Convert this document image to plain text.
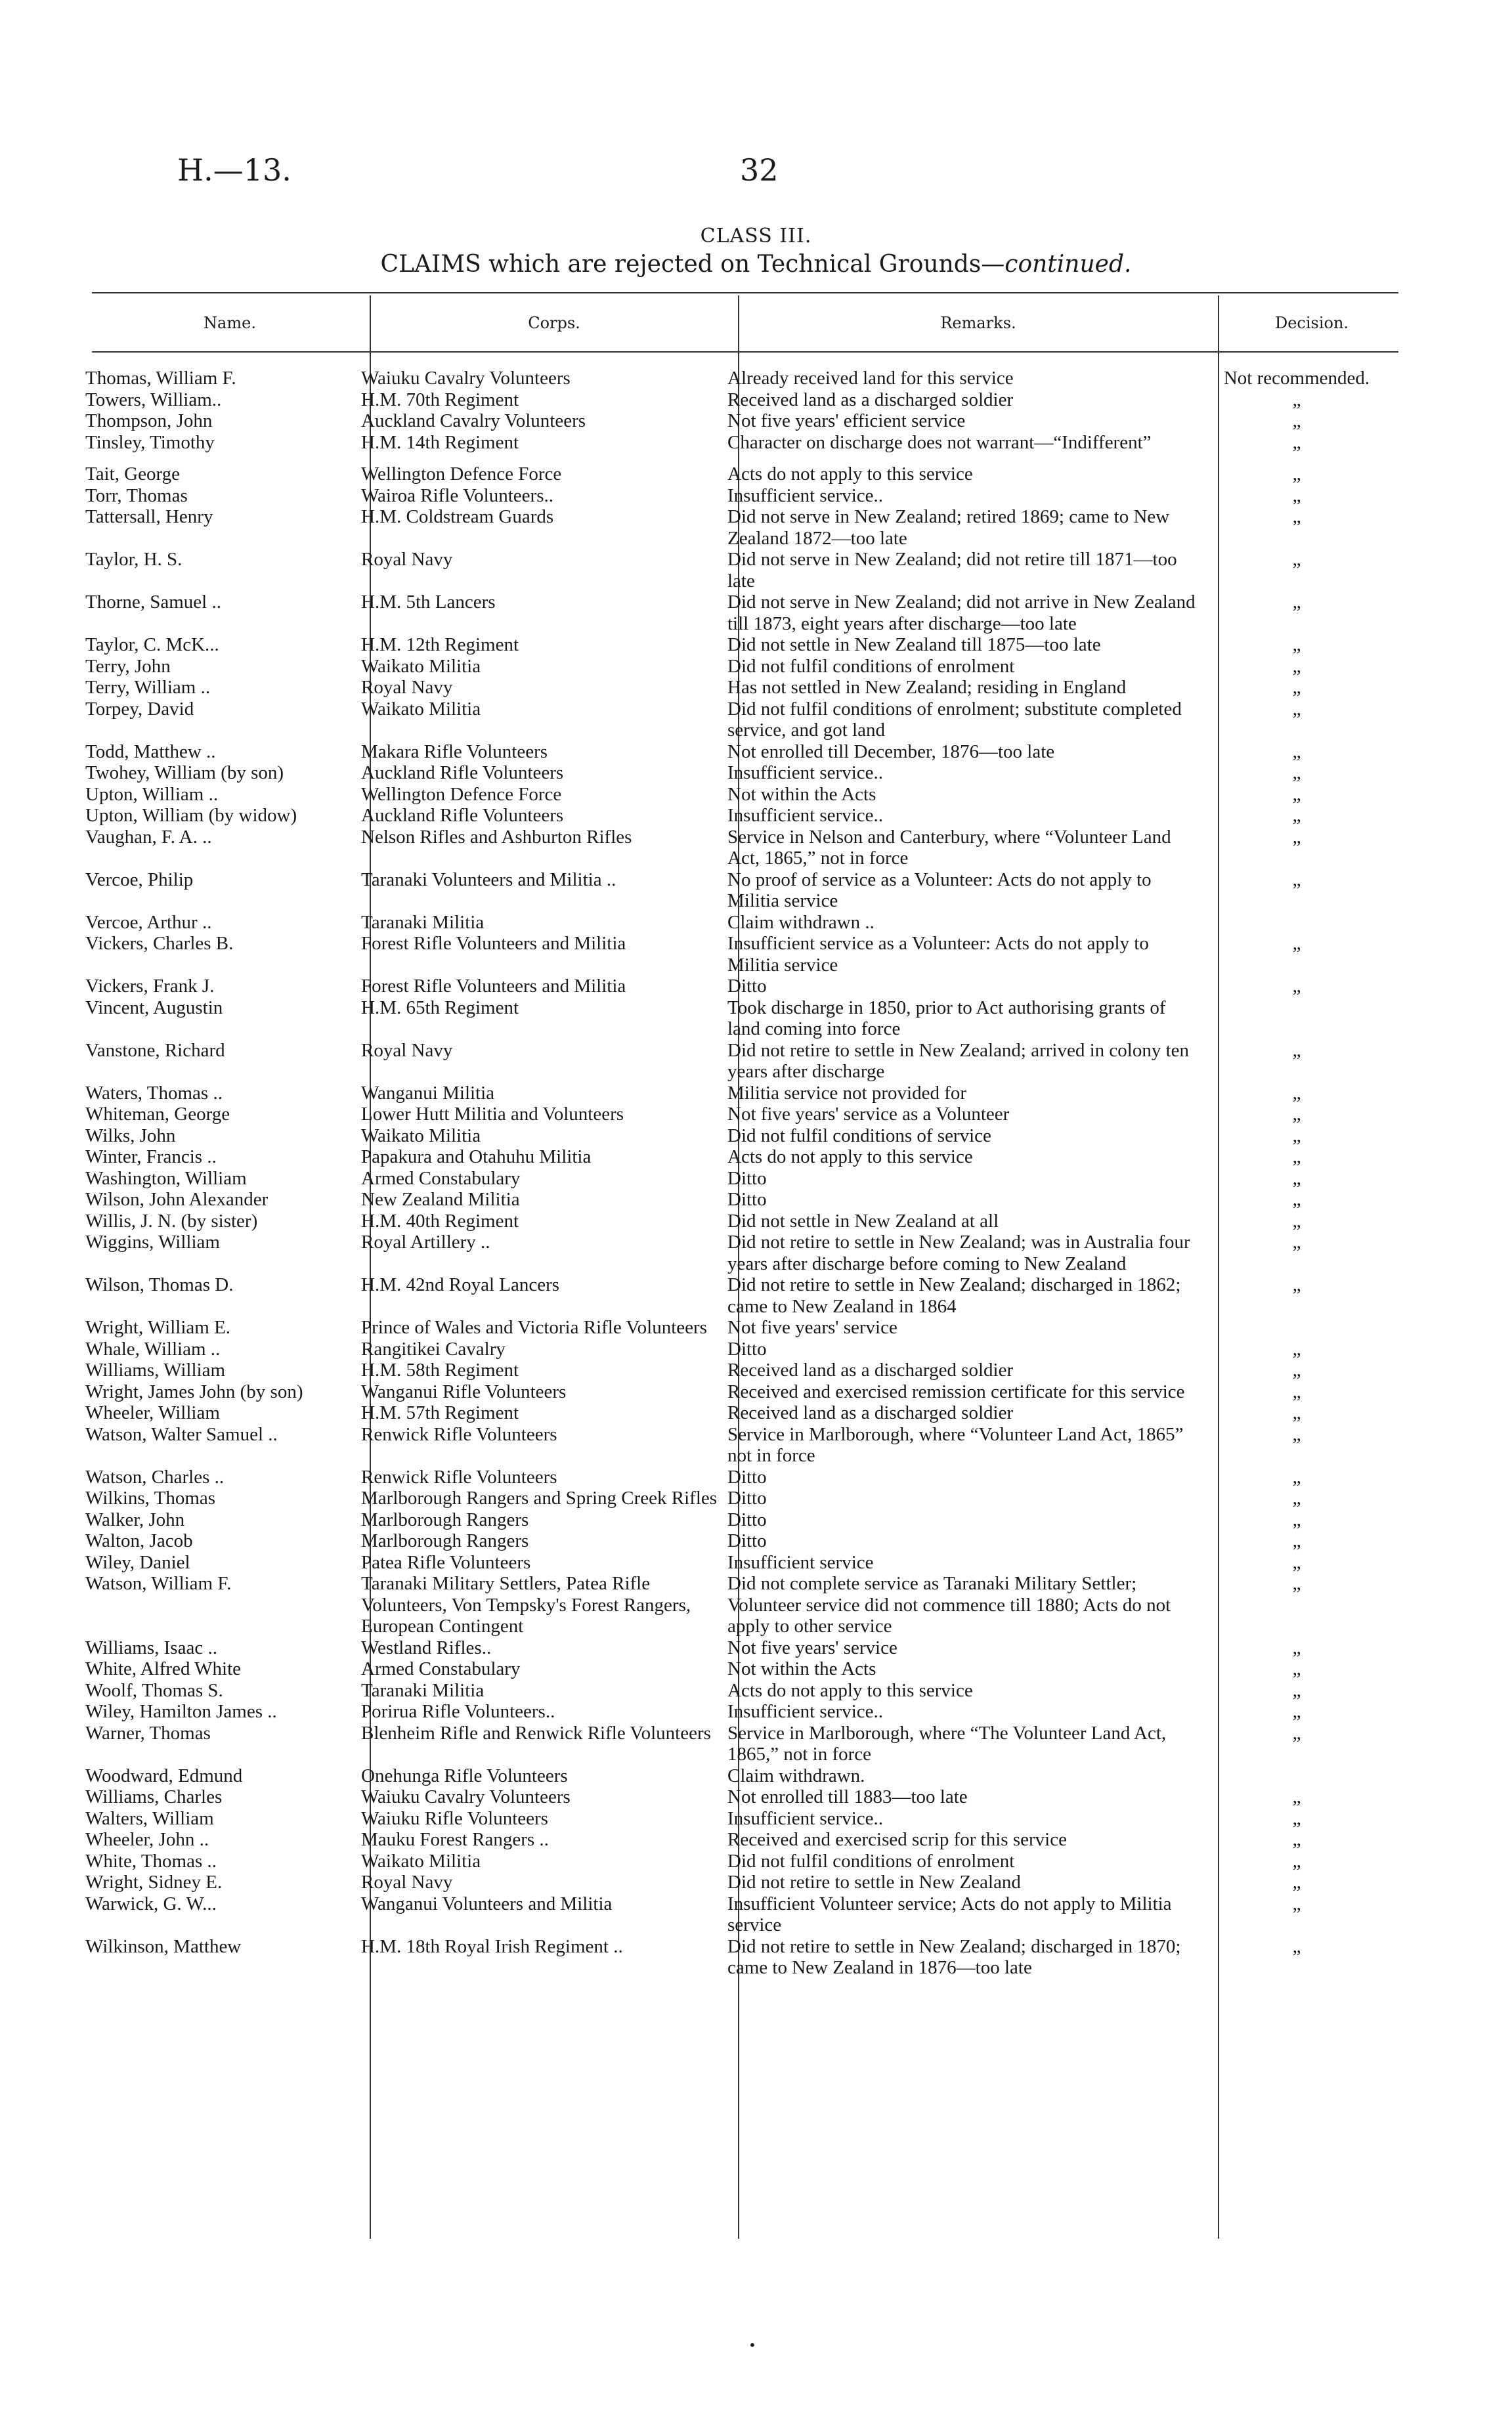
H.—13.	32
CLASS III.
CLAIMS which are rejected on Technical Grounds—continued.
Name.	Corps.	Remarks.	Decision.
Thomas, William F.	Waiuku Cavalry Volunteers	Already received land for this service	Not recommended.
Towers, William..	H.M. 70th Regiment	Received land as a discharged soldier	„
Thompson, John	Auckland Cavalry Volunteers	Not five years' efficient service	„
Tinsley, Timothy	H.M. 14th Regiment	Character on discharge does not warrant—“Indifferent”	„
Tait, George	Wellington Defence Force	Acts do not apply to this service	„
Torr, Thomas	Wairoa Rifle Volunteers..	Insufficient service..	„
Tattersall, Henry	H.M. Coldstream Guards	Did not serve in New Zealand; retired 1869; came to New Zealand 1872—too late	„
Taylor, H. S.	Royal Navy	Did not serve in New Zealand; did not retire till 1871—too late	„
Thorne, Samuel ..	H.M. 5th Lancers	Did not serve in New Zealand; did not arrive in New Zealand till 1873, eight years after discharge—too late	„
Taylor, C. McK...	H.M. 12th Regiment	Did not settle in New Zealand till 1875—too late	„
Terry, John	Waikato Militia	Did not fulfil conditions of enrolment	„
Terry, William ..	Royal Navy	Has not settled in New Zealand; residing in England	„
Torpey, David	Waikato Militia	Did not fulfil conditions of enrolment; substitute completed service, and got land	„
Todd, Matthew ..	Makara Rifle Volunteers	Not enrolled till December, 1876—too late	„
Twohey, William (by son)	Auckland Rifle Volunteers	Insufficient service..	„
Upton, William ..	Wellington Defence Force	Not within the Acts	„
Upton, William (by widow)	Auckland Rifle Volunteers	Insufficient service..	„
Vaughan, F. A. ..	Nelson Rifles and Ashburton Rifles	Service in Nelson and Canterbury, where “Volunteer Land Act, 1865,” not in force	„
Vercoe, Philip	Taranaki Volunteers and Militia ..	No proof of service as a Volunteer: Acts do not apply to Militia service	„
Vercoe, Arthur ..	Taranaki Militia	Claim withdrawn ..	
Vickers, Charles B.	Forest Rifle Volunteers and Militia	Insufficient service as a Volunteer: Acts do not apply to Militia service	„
Vickers, Frank J.	Forest Rifle Volunteers and Militia	Ditto	„
Vincent, Augustin	H.M. 65th Regiment	Took discharge in 1850, prior to Act authorising grants of land coming into force	
Vanstone, Richard	Royal Navy	Did not retire to settle in New Zealand; arrived in colony ten years after discharge	„
Waters, Thomas ..	Wanganui Militia	Militia service not provided for	„
Whiteman, George	Lower Hutt Militia and Volunteers	Not five years' service as a Volunteer	„
Wilks, John	Waikato Militia	Did not fulfil conditions of service	„
Winter, Francis ..	Papakura and Otahuhu Militia	Acts do not apply to this service	„
Washington, William	Armed Constabulary	Ditto	„
Wilson, John Alexander	New Zealand Militia	Ditto	„
Willis, J. N. (by sister)	H.M. 40th Regiment	Did not settle in New Zealand at all	„
Wiggins, William	Royal Artillery ..	Did not retire to settle in New Zealand; was in Australia four years after discharge before coming to New Zealand	„
Wilson, Thomas D.	H.M. 42nd Royal Lancers	Did not retire to settle in New Zealand; discharged in 1862; came to New Zealand in 1864	„
Wright, William E.	Prince of Wales and Victoria Rifle Volunteers	Not five years' service	
Whale, William ..	Rangitikei Cavalry	Ditto	„
Williams, William	H.M. 58th Regiment	Received land as a discharged soldier	„
Wright, James John (by son)	Wanganui Rifle Volunteers	Received and exercised remission certificate for this service	„
Wheeler, William	H.M. 57th Regiment	Received land as a discharged soldier	„
Watson, Walter Samuel ..	Renwick Rifle Volunteers	Service in Marlborough, where “Volunteer Land Act, 1865” not in force	„
Watson, Charles ..	Renwick Rifle Volunteers	Ditto	„
Wilkins, Thomas	Marlborough Rangers and Spring Creek Rifles	Ditto	„
Walker, John	Marlborough Rangers	Ditto	„
Walton, Jacob	Marlborough Rangers	Ditto	„
Wiley, Daniel	Patea Rifle Volunteers	Insufficient service	„
Watson, William F.	Taranaki Military Settlers, Patea Rifle Volunteers, Von Tempsky's Forest Rangers, European Contingent	Did not complete service as Taranaki Military Settler; Volunteer service did not commence till 1880; Acts do not apply to other service	„
Williams, Isaac ..	Westland Rifles..	Not five years' service	„
White, Alfred White	Armed Constabulary	Not within the Acts	„
Woolf, Thomas S.	Taranaki Militia	Acts do not apply to this service	„
Wiley, Hamilton James ..	Porirua Rifle Volunteers..	Insufficient service..	„
Warner, Thomas	Blenheim Rifle and Renwick Rifle Volunteers	Service in Marlborough, where “The Volunteer Land Act, 1865,” not in force	„
Woodward, Edmund	Onehunga Rifle Volunteers	Claim withdrawn.	
Williams, Charles	Waiuku Cavalry Volunteers	Not enrolled till 1883—too late	„
Walters, William	Waiuku Rifle Volunteers	Insufficient service..	„
Wheeler, John ..	Mauku Forest Rangers ..	Received and exercised scrip for this service	„
White, Thomas ..	Waikato Militia	Did not fulfil conditions of enrolment	„
Wright, Sidney E.	Royal Navy	Did not retire to settle in New Zealand	„
Warwick, G. W...	Wanganui Volunteers and Militia	Insufficient Volunteer service; Acts do not apply to Militia service	„
Wilkinson, Matthew	H.M. 18th Royal Irish Regiment ..	Did not retire to settle in New Zealand; discharged in 1870; came to New Zealand in 1876—too late	„
•
